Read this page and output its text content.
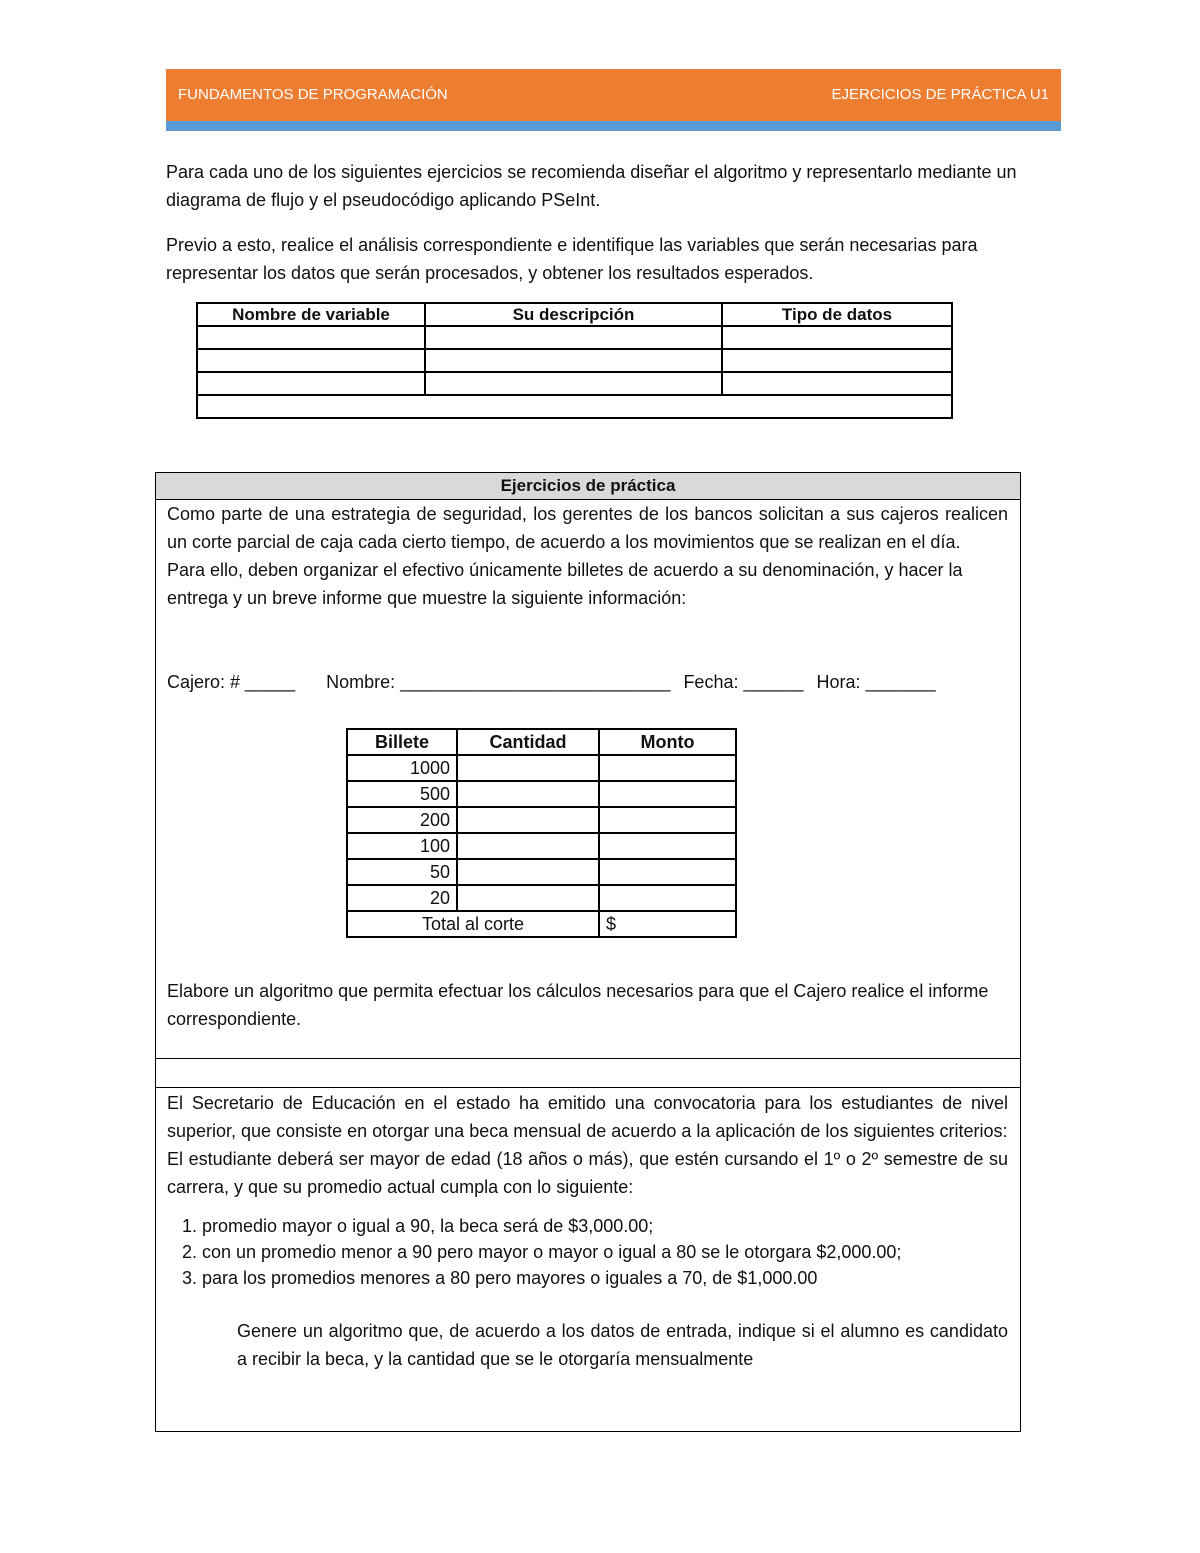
FUNDAMENTOS DE PROGRAMACIÓN	EJERCICIOS DE PRÁCTICA U1

Para cada uno de los siguientes ejercicios se recomienda diseñar el algoritmo y representarlo mediante un diagrama de flujo y el pseudocódigo aplicando PSeInt.

Previo a esto, realice el análisis correspondiente e identifique las variables que serán necesarias para representar los datos que serán procesados, y obtener los resultados esperados.

Nombre de variable	Su descripción	Tipo de datos

Ejercicios de práctica
Como parte de una estrategia de seguridad, los gerentes de los bancos solicitan a sus cajeros realicen un corte parcial de caja cada cierto tiempo, de acuerdo a los movimientos que se realizan en el día.
Para ello, deben organizar el efectivo únicamente billetes de acuerdo a su denominación, y hacer la entrega y un breve informe que muestre la siguiente información:
Cajero: # _____ Nombre: ___________________________ Fecha: ______ Hora: _______
Billete	Cantidad	Monto
1000		
500		
200		
100		
50		
20		
Total al corte		$
Elabore un algoritmo que permita efectuar los cálculos necesarios para que el Cajero realice el informe correspondiente.
El Secretario de Educación en el estado ha emitido una convocatoria para los estudiantes de nivel superior, que consiste en otorgar una beca mensual de acuerdo a la aplicación de los siguientes criterios:
El estudiante deberá ser mayor de edad (18 años o más), que estén cursando el 1º o 2º semestre de su carrera, y que su promedio actual cumpla con lo siguiente:
1. promedio mayor o igual a 90, la beca será de $3,000.00;
2. con un promedio menor a 90 pero mayor o mayor o igual a 80 se le otorgara $2,000.00;
3. para los promedios menores a 80 pero mayores o iguales a 70, de $1,000.00
Genere un algoritmo que, de acuerdo a los datos de entrada, indique si el alumno es candidato a recibir la beca, y la cantidad que se le otorgaría mensualmente
